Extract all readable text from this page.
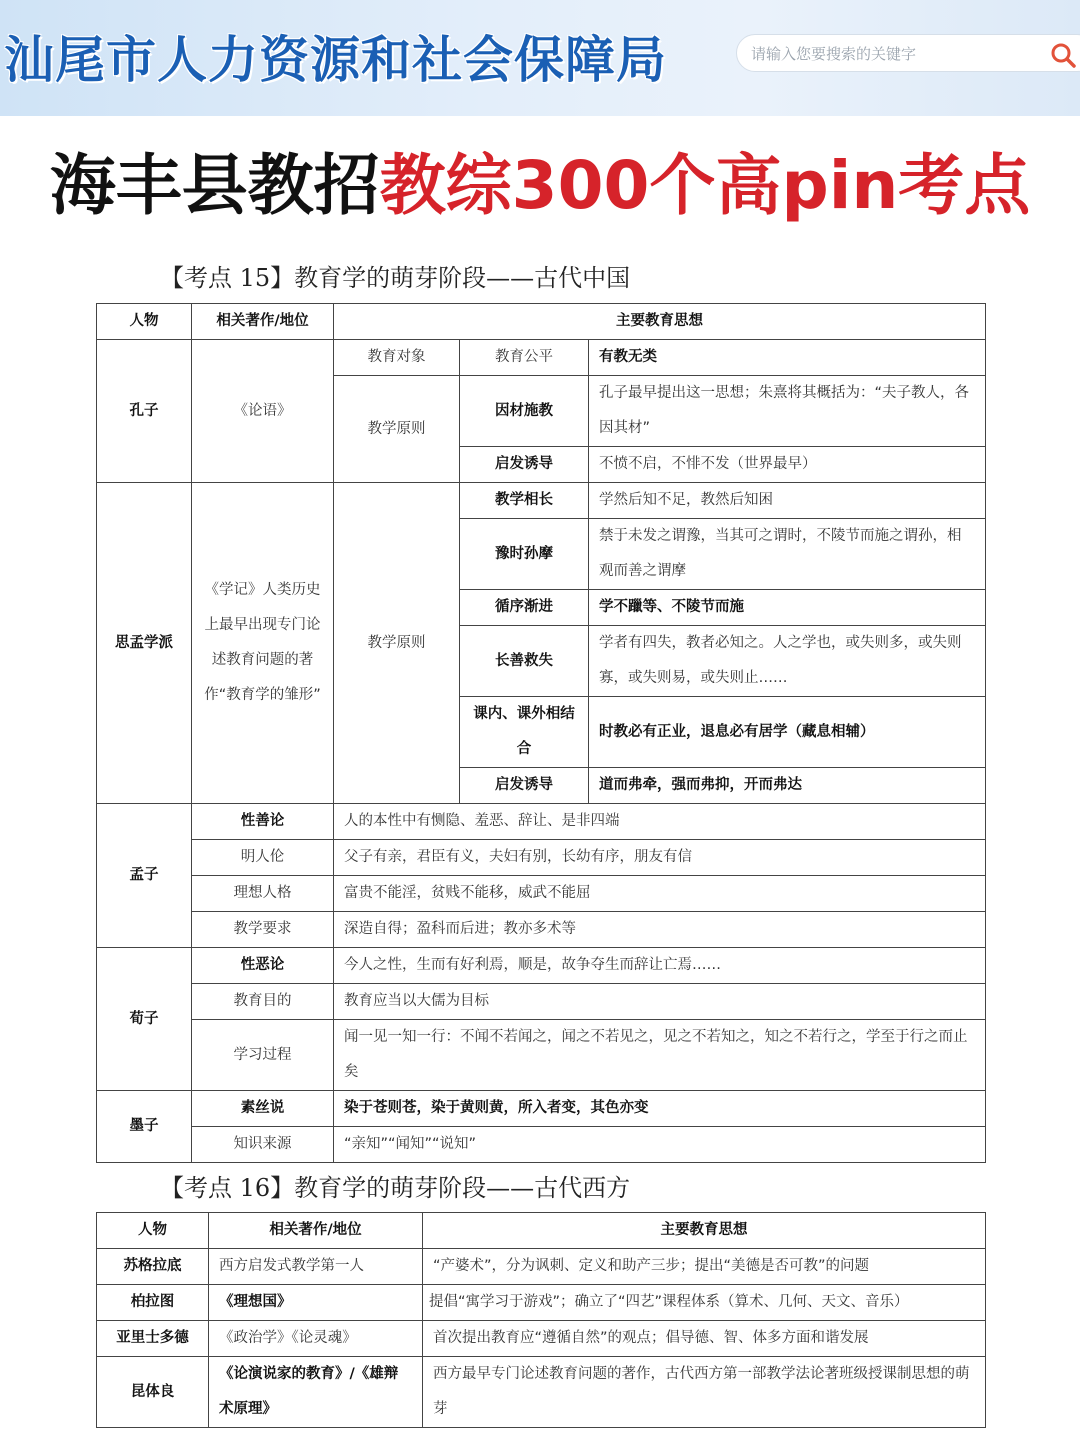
汕尾市人力资源和社会保障局
请输入您要搜索的关键字
海丰县教招教综300个高pin考点
【考点 15】教育学的萌芽阶段——古代中国
人物	相关著作/地位	主要教育思想		
孔子	《论语》	教育对象	教育公平	有教无类
		教学原则	因材施教	孔子最早提出这一思想；朱熹将其概括为：“夫子教人，各因其材”
			启发诱导	不愤不启，不悱不发（世界最早）

思孟学派	《学记》人类历史上最早出现专门论述教育问题的著作“教育学的雏形”	教学原则	教学相长	学然后知不足，教然后知困
			豫时孙摩	禁于未发之谓豫，当其可之谓时，不陵节而施之谓孙，相观而善之谓摩
			循序渐进	学不躐等、不陵节而施
			长善救失	学者有四失，教者必知之。人之学也，或失则多，或失则寡，或失则易，或失则止……
			课内、课外相结合	时教必有正业，退息必有居学（藏息相辅）
			启发诱导	道而弗牵，强而弗抑，开而弗达
孟子	性善论	人的本性中有恻隐、羞恶、辞让、是非四端		
	明人伦	父子有亲，君臣有义，夫妇有别，长幼有序，朋友有信		
	理想人格	富贵不能淫，贫贱不能移，威武不能屈		
	教学要求	深造自得；盈科而后进；教亦多术等		
荀子	性恶论	今人之性，生而有好利焉，顺是，故争夺生而辞让亡焉……		
	教育目的	教育应当以大儒为目标		
	学习过程	闻一见一知一行：不闻不若闻之，闻之不若见之，见之不若知之，知之不若行之，学至于行之而止矣		
墨子	素丝说	染于苍则苍，染于黄则黄，所入者变，其色亦变		
	知识来源	“亲知”“闻知”“说知”		
【考点 16】教育学的萌芽阶段——古代西方
人物	相关著作/地位	主要教育思想
苏格拉底	西方启发式教学第一人	“产婆术”，分为讽刺、定义和助产三步；提出“美德是否可教”的问题
柏拉图	《理想国》	提倡“寓学习于游戏”；确立了“四艺”课程体系（算术、几何、天文、音乐）
亚里士多德	《政治学》《论灵魂》	首次提出教育应“遵循自然”的观点；倡导德、智、体多方面和谐发展
昆体良	《论演说家的教育》/《雄辩术原理》	西方最早专门论述教育问题的著作，古代西方第一部教学法论著班级授课制思想的萌芽
